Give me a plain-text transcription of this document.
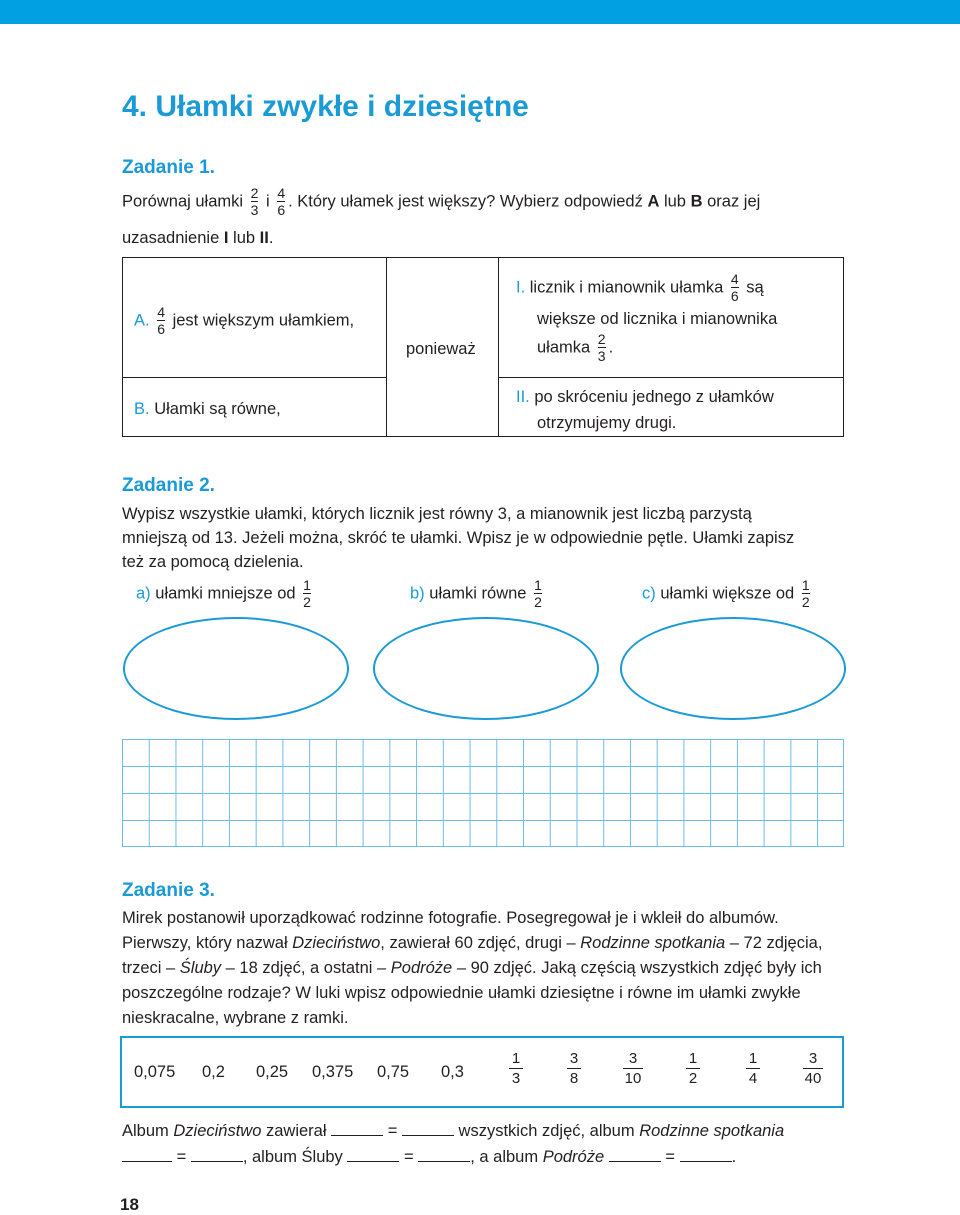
4. Ułamki zwykłe i dziesiętne
Zadanie 1.
Porównaj ułamki $\frac{2}{3}$ i $\frac{4}{6}$ . Który ułamek jest większy? Wybierz odpowiedź A lub B oraz jej
uzasadnienie I lub II.
A. $\frac{4}{6}$ jest większym ułamkiem,
B. Ułamki są równe,
ponieważ
I. licznik i mianownik ułamka $\frac{4}{6}$ są
większe od licznika i mianownika
ułamka $\frac{2}{3}$ .
II. po skróceniu jednego z ułamków
otrzymujemy drugi.
Zadanie 2.
Wypisz wszystkie ułamki, których licznik jest równy 3, a mianownik jest liczbą parzystą
mniejszą od 13. Jeżeli można, skróć te ułamki. Wpisz je w odpowiednie pętle. Ułamki zapisz
też za pomocą dzielenia.
a) ułamki mniejsze od $\frac{1}{2}$	b) ułamki równe $\frac{1}{2}$	c) ułamki większe od $\frac{1}{2}$
Zadanie 3.
Mirek postanowił uporządkować rodzinne fotografie. Posegregował je i wkleił do albumów.
Pierwszy, który nazwał Dzieciństwo, zawierał 60 zdjęć, drugi – Rodzinne spotkania – 72 zdjęcia,
trzeci – Śluby – 18 zdjęć, a ostatni – Podróże – 90 zdjęć. Jaką częścią wszystkich zdjęć były ich
poszczególne rodzaje? W luki wpisz odpowiednie ułamki dziesiętne i równe im ułamki zwykłe
nieskracalne, wybrane z ramki.
0,075 0,2 0,25 0,375 0,75 0,3	$\frac{1}{3}$	$\frac{3}{8}$	$\frac{3}{10}$	$\frac{1}{2}$	$\frac{1}{4}$	$\frac{3}{40}$
Album Dzieciństwo zawierał	=	wszystkich zdjęć, album Rodzinne spotkania
=	, album Śluby	=	, a album Podróże	=	.
18
